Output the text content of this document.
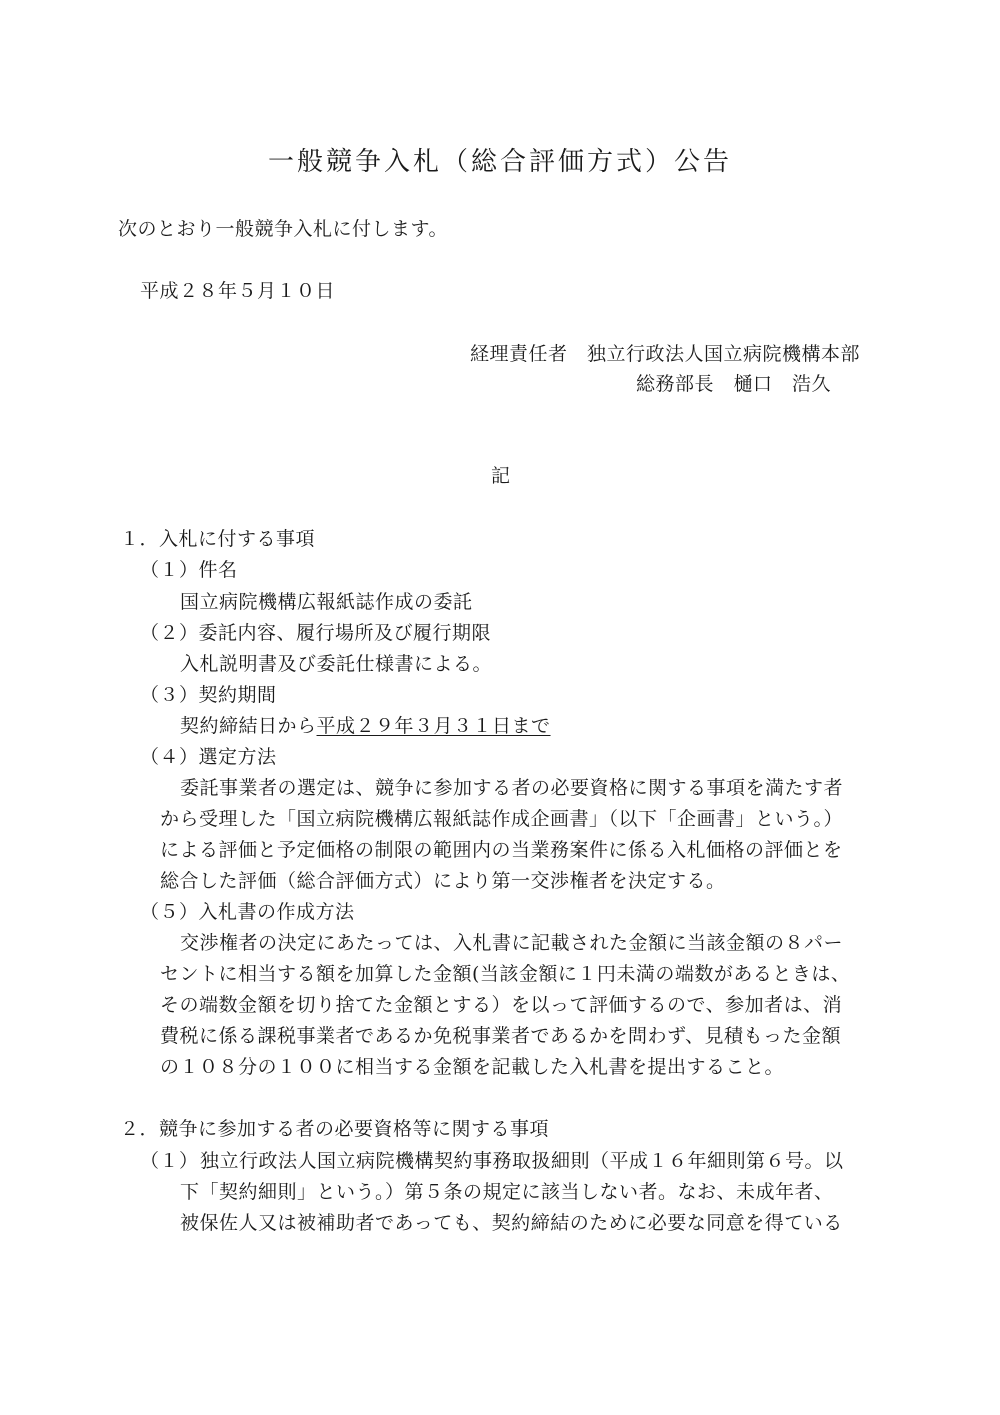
一般競争入札（総合評価方式）公告
次のとおり一般競争入札に付します。
平成２８年５月１０日
経理責任者　独立行政法人国立病院機構本部
総務部長　樋口　浩久
記
１．入札に付する事項
（１）件名
国立病院機構広報紙誌作成の委託
（２）委託内容、履行場所及び履行期限
入札説明書及び委託仕様書による。
（３）契約期間
契約締結日から平成２９年３月３１日まで
（４）選定方法
委託事業者の選定は、競争に参加する者の必要資格に関する事項を満たす者
から受理した「国立病院機構広報紙誌作成企画書」（以下「企画書」という。）
による評価と予定価格の制限の範囲内の当業務案件に係る入札価格の評価とを
総合した評価（総合評価方式）により第一交渉権者を決定する。
（５）入札書の作成方法
交渉権者の決定にあたっては、入札書に記載された金額に当該金額の８パー
セントに相当する額を加算した金額(当該金額に１円未満の端数があるときは、
その端数金額を切り捨てた金額とする）を以って評価するので、参加者は、消
費税に係る課税事業者であるか免税事業者であるかを問わず、見積もった金額
の１０８分の１００に相当する金額を記載した入札書を提出すること。
２．競争に参加する者の必要資格等に関する事項
（１） 独立行政法人国立病院機構契約事務取扱細則（平成１６年細則第６号。以
下「契約細則」という。）第５条の規定に該当しない者。なお、未成年者、
被保佐人又は被補助者であっても、契約締結のために必要な同意を得ている
